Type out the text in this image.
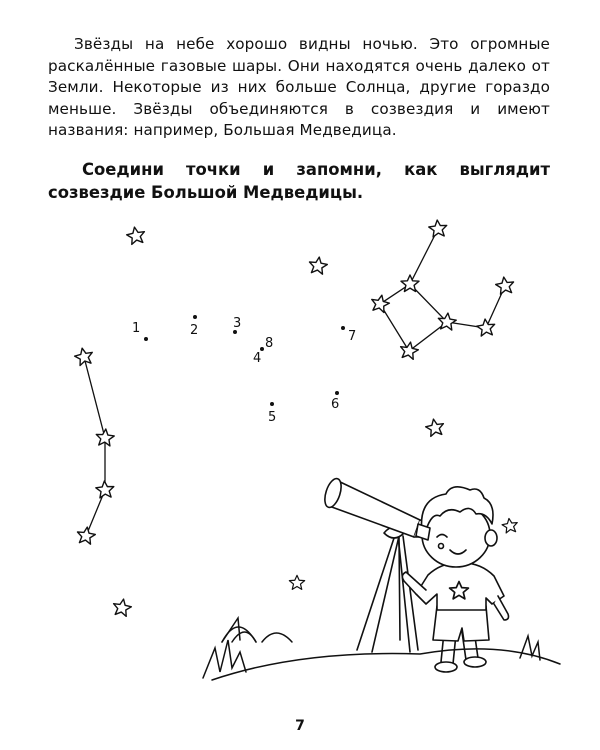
Звёзды на небе хорошо видны ночью. Это огромные раскалённые газовые шары. Они находятся очень далеко от Земли. Некоторые из них больше Солнца, другие гораздо меньше. Звёзды объединяются в созвездия и имеют названия: например, Большая Медведица.

Соедини точки и запомни, как выглядит созвездие Большой Медведицы.

1	2	3
4
5
6
7
8
7
